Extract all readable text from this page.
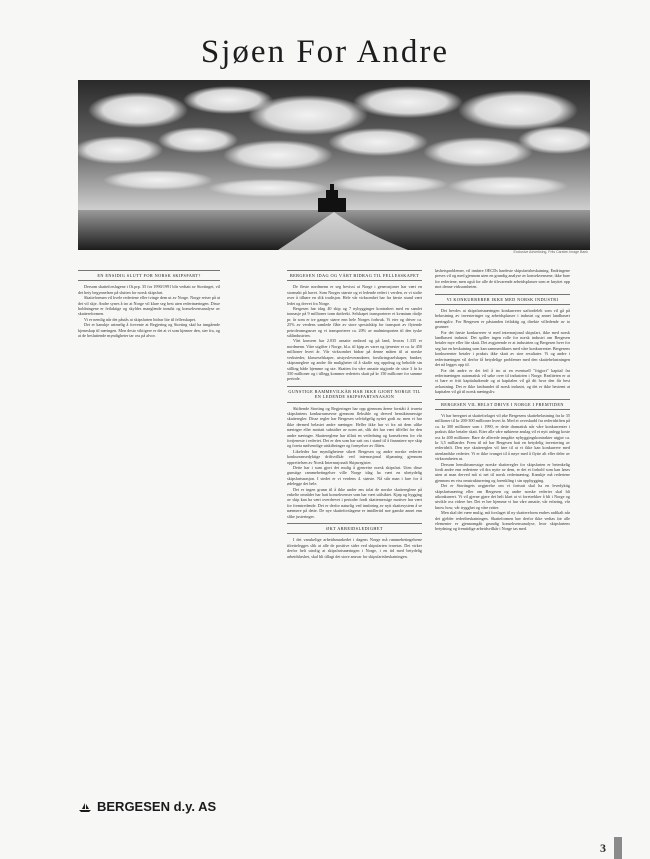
Sjøen For Andre
Exclusive Advertising, Frits Carsten Image Bank
EN ENSIDIG SLUTT FOR NORSK SKIPSFART?

Dersom skatteforslagene i Ot.prp. 35 for 1990/1991 blir vedtatt av Stortinget, vil det bety begynnelsen på slutten for norsk skipsfart.

Skatteformen vil kvele rederiene eller tvinge dem ut av Norge. Norge reiser på at det vil skje. Andre synes å tro at Norge vil klare seg best uten rederinæringen. Disse holdningene er feilaktige og skyldes manglende innsikt og konsekvensanalyse av skattereformen.

Vi er nemlig når det påstås at skipsfarten bidrar lite til fellesskapet.

Det er kanskje urimelig å forvente at Regjering og Storting skal ha inngående kjennskap til næringen. Men desto viktigere er det at vi som kjenner den, sier fra, og at de besluttende myndigheter tar oss på alvor.

BERGESEN IDAG OG VÅRT BIDRAG TIL FELLESSKAPET

De fleste nordmenn er seg bevisst at Norge i generasjoner har vært en stormakt på havet. Som Norges største og et ledende rederi i verden, er vi stolte over å tilhøre en slik tradisjon. Hele vår virksomhet har fra første stund vært ledet og drevet fra Norge.

Bergesen har idag 40 skip og 7 nybygginger kontrahert med en samlet tonnasje på 9 millioner tonn dødvekt. Selskapet transporterer et kvantum råolje pr. år som er tre ganger større enn hele Norges forbruk. Vi eier og driver ca. 25% av verdens samlede flåte av store spesialskip for transport av flytende petroleumsgasser og vi transporterer ca. 20% av malmimporten til den tyske stålindustrien.

Vårt konsern har 2.035 ansatte ombord og på land, hvoras 1.335 er nordmenn. Våre utgifter i Norge, bl.a. til kjøp av varer og tjenester er ca. kr 450 millioner hvert år. Vår virksomhet bidrar på denne måten til at norske verksteder, klasseselskaper, utstyrsleverandører, forsikringsselskaper, banker, skipsmeglere og andre får muligheter til å skaffe seg oppdrag og beholde sin stilling både hjemme og ute. Skatten fra våre ansatte utgjorde de siste 3 år kr 350 millioner og i tillegg kommer rederiets skatt på kr 150 millioner for samme periode.

GUNSTIGE RAMMEVILKÅR HAR IKKE GJORT NORGE TIL EN LEDENDE SKIPSFARTSNASJON

Skiftende Storting og Regjeringer har opp gjennom årene forstått å ivareta skipsfartens konkurransevne gjennom fleksible og derved hensiktsmessige skatteregler. Disse regler har Bergesen selvfølgelig nyttet godt av, men vi har ikke dermed belastet andre næringer. Heller ikke har vi fra att dem ulike næringer eller mottatt subsidier av noen art, slik det har vært tilfellet for den andre næringer. Skattereglene har tillatt en veiledning og konsekvens for vår fortjeneste i rederiet. Det er den som har satt oss i stand til å finansiere nye skip og foreta nødvendige utskiftninger og fornyelser av flåten.

Likeledes har myndighetene sikret Bergesen og andre norske rederier konkurransedyktige driftsvilkår ved internasjonal tilpasning gjennom opprettelsen av Norsk Internasjonalt Skipsregister.

Dette har i sum gjort det mulig å gjenreise norsk skipsfart. Uten disse gunstige rammebetingelser ville Norge idag ha vært en ubetydelig skipsfartsnasjon. I stedet er vi verdens 4. største. Nå står man i fare for å ødelegge det hele.

Det er ingen grunn til å ikke under ens tolat de norske skattereglene på enkelte områder har hatt konsekvenser som har vært utilsiktet. Kjøp og bygging av skip kan ha vært overdrevet i perioder fordi skattemessige motiver har vært for fremtredende. Det er derfor naturlig ved innføring av nytt skattesystem å se nærmere på dette. De nye skatteforslagene er imidlertid noe ganske annet enn slike justeringer.

ØKT ARBEIDSLEDIGHET

I det vanskelige arbeidsmarkedet i dagens Norge må rammebetingelsene tilrettelegges slik at alle de positive sider ved skipsfarten ivaretas. Det virker derfor helt utrolig at skipsfartsnæringen i Norge, i en tid med betydelig arbeidsløshet, skal bli tillagt det store ansvar for skipsfartsbeskatningen.

løshetsproblemer, vil innføre OECDs hardeste skipsfartsbeskatning. Endringene preses vil og med gjennom uten en grundig analyse av konsekvensene, ikke bare for rederiene, men også for alle de tilsvarende arbeidsplasser som er knyttet opp mot denne virksomheten.

VI KONKURRERER IKKE MED NORSK INDUSTRI

Det hevdes at skipsfartsnæringen konkurrerer uaftordelelt som vil gå på bekostning av investeringer og arbeidsplasser i industri og annet landbasert næringsliv. For Bergesen er påstanden feilaktig og direkte villedende av to grunner:

For det første konkurrerer vi med internasjonal skipsfart, ikke med norsk landbasert industri. Det spiller ingen rolle for norsk industri om Bergesen betaler mye eller lite skatt. Det avgjørende er at industrien og Bergesen hver for seg har en beskatning som kan sammenliknes med våre konkurrenter. Bergesens konkurrenter betaler i praksis ikke skatt av sine resultater. Vi og andre i rederinæringen vil derfor få betydelige problemer med den skattebelastningen det nå legges opp til.

For det andre er det feil å tro at en eventuell "frigjort" kapital fra rederinæringen automatisk vil søke over til industrien i Norge. Realiteten er at vi bare er fritt kapitalsøkende og at kapitalen vil gå dit hvor den får best avkastning. Det er ikke fastbundet til norsk industri, og det er ikke bestemt at kapitalen vil gå til norsk næringsliv.

BERGESEN VIL HELST DRIVE I NORGE I FREMTIDEN

Vi har beregnet at skatteforlaget vil øke Bergesens skattebelastning fra kr 35 millioner til kr 200-300 millioner hvert år. Med et overskudd fra rederidriften på ca. kr 300 millioner som i 1990, er dette dramatisk når våre konkurrenter i praksis ikke betaler skatt. Etter alle våre nøkterne anslag vil et nytt anlegg koste oss kr 400 millioner. Bare de allerede inngåtte nybyggingskontrakter utgjør ca. kr 3,5 milliarder. Frem til nå har Bergesen hatt en betydelig investering av rederidrift. Den nye skattereglen vil føre til at vi ikke kan konkurrere med utenlandske rederier. Vi er ikke tvunget til å nøye med å flytte alt eller deler av virksomheten ut.

Dersom hensiktsmessige norske skatteregler for skipsfarten er betenkelig fordi andre enn rederiene vil dra nytte av dem, er det et forhold som kan løses uten at man derved må si nei til norsk rederinæring. Kanskje må rederiene gjennom en viss omstrukturering og forenkling i sin oppbygging.

Det er Stortingets avgjørelse om vi fortsatt skal ha en levedyktig skipsfartsnæring eller om Bergesen og andre norske rederier skal bli utkonkurrert. Vi vil gjerne gjøre det helt klart at vi foretrekker å bli i Norge og utvikle oss videre her. Det er her hjemme vi har våre ansatte, vår erfaring, vår know how, vår trygghet og våre røtter.

Men skal det være mulig, må forslaget til ny skattereform endres radikalt når det gjelder rederibeskatningen. Skatteformen bør derfor ikke vedtas før alle elementer er gjennomgått grundig konsekvensanalyse, hvor skipsfartens betydning og fremtidige arbeidsvilkår i Norge tas med.

BERGESEN d.y. AS
3
